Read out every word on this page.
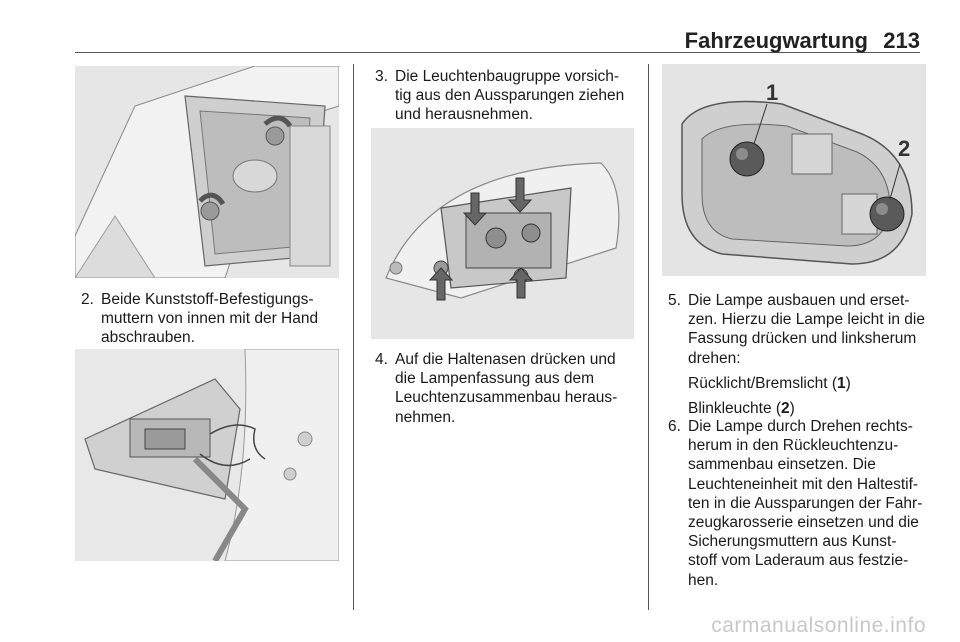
Fahrzeugwartung 213
2. Beide Kunststoff-Befestigungs-
muttern von innen mit der Hand
abschrauben.
3. Die Leuchtenbaugruppe vorsich-
tig aus den Aussparungen ziehen
und herausnehmen.
4. Auf die Haltenasen drücken und
die Lampenfassung aus dem
Leuchtenzusammenbau heraus-
nehmen.
1
2
5. Die Lampe ausbauen und erset-
zen. Hierzu die Lampe leicht in die
Fassung drücken und linksherum
drehen:
Rücklicht/Bremslicht (1)
Blinkleuchte (2)
6. Die Lampe durch Drehen rechts-
herum in den Rückleuchtenzu-
sammenbau einsetzen. Die
Leuchteneinheit mit den Haltestif-
ten in die Aussparungen der Fahr-
zeugkarosserie einsetzen und die
Sicherungsmuttern aus Kunst-
stoff vom Laderaum aus festzie-
hen.
carmanualsonline.info
